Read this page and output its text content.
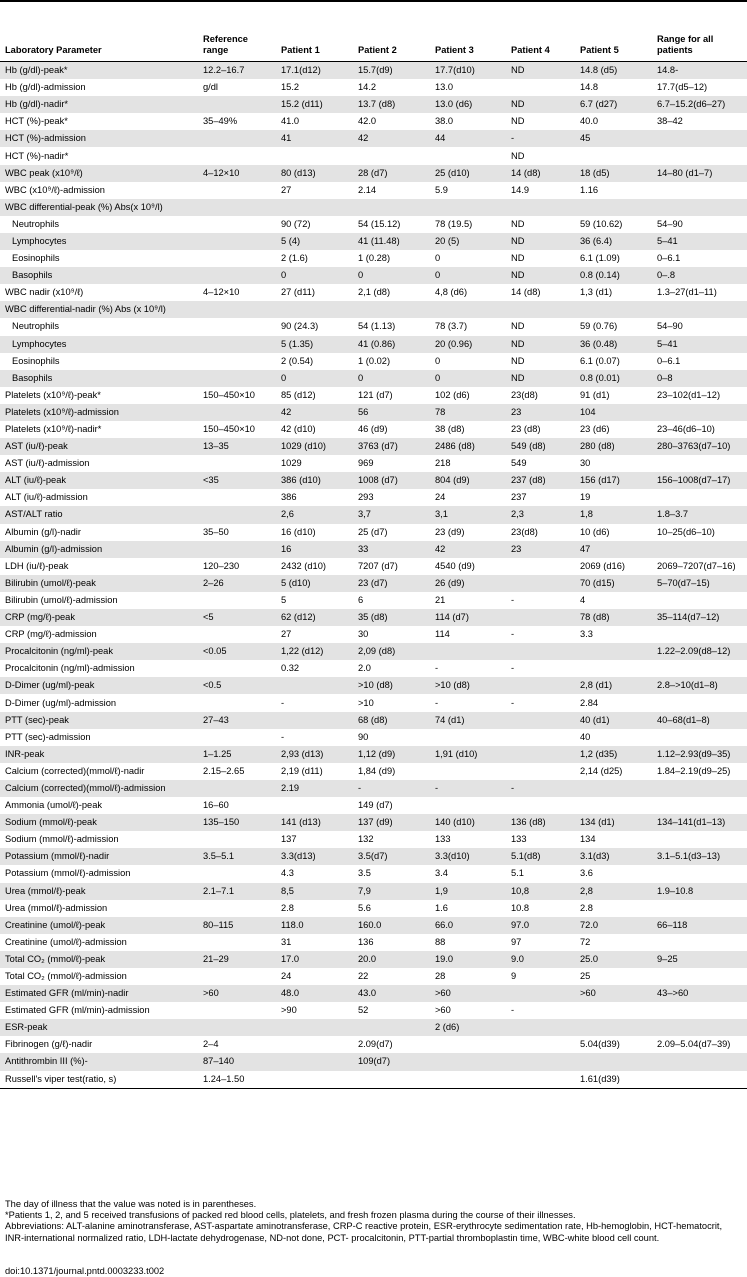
Laboratory Parameter	Reference range	Patient 1	Patient 2	Patient 3	Patient 4	Patient 5	Range for all patients
Hb (g/dl)-peak*	12.2–16.7	17.1(d12)	15.7(d9)	17.7(d10)	ND	14.8 (d5)	14.8-
Hb (g/dl)-admission	g/dl	15.2	14.2	13.0		14.8	17.7(d5–12)
Hb (g/dl)-nadir*		15.2 (d11)	13.7 (d8)	13.0 (d6)	ND	6.7 (d27)	6.7–15.2(d6–27)
HCT (%)-peak*	35–49%	41.0	42.0	38.0	ND	40.0	38–42
HCT (%)-admission		41	42	44	-	45	
HCT (%)-nadir*					ND		
WBC peak (x10⁹/ℓ)	4–12×10	80 (d13)	28 (d7)	25 (d10)	14 (d8)	18 (d5)	14–80 (d1–7)
WBC (x10⁹/ℓ)-admission		27	2.14	5.9	14.9	1.16	
WBC differential-peak (%) Abs(x 10⁹/l)							
Neutrophils		90 (72)	54 (15.12)	78 (19.5)	ND	59 (10.62)	54–90
Lymphocytes		5 (4)	41 (11.48)	20 (5)	ND	36 (6.4)	5–41
Eosinophils		2 (1.6)	1 (0.28)	0	ND	6.1 (1.09)	0–6.1
Basophils		0	0	0	ND	0.8 (0.14)	0–.8
WBC nadir (x10⁹/ℓ)	4–12×10	27 (d11)	2,1 (d8)	4,8 (d6)	14 (d8)	1,3 (d1)	1.3–27(d1–11)
WBC differential-nadir (%) Abs (x 10⁹/l)							
Neutrophils		90 (24.3)	54 (1.13)	78 (3.7)	ND	59 (0.76)	54–90
Lymphocytes		5 (1.35)	41 (0.86)	20 (0.96)	ND	36 (0.48)	5–41
Eosinophils		2 (0.54)	1 (0.02)	0	ND	6.1 (0.07)	0–6.1
Basophils		0	0	0	ND	0.8 (0.01)	0–8
Platelets (x10⁹/ℓ)-peak*	150–450×10	85 (d12)	121 (d7)	102 (d6)	23(d8)	91 (d1)	23–102(d1–12)
Platelets (x10⁹/ℓ)-admission		42	56	78	23	104	
Platelets (x10⁹/ℓ)-nadir*	150–450×10	42 (d10)	46 (d9)	38 (d8)	23 (d8)	23 (d6)	23–46(d6–10)
AST (iu/ℓ)-peak	13–35	1029 (d10)	3763 (d7)	2486 (d8)	549 (d8)	280 (d8)	280–3763(d7–10)
AST (iu/ℓ)-admission		1029	969	218	549	30	
ALT (iu/ℓ)-peak	<35	386 (d10)	1008 (d7)	804 (d9)	237 (d8)	156 (d17)	156–1008(d7–17)
ALT (iu/ℓ)-admission		386	293	24	237	19	
AST/ALT ratio		2,6	3,7	3,1	2,3	1,8	1.8–3.7
Albumin (g/l)-nadir	35–50	16 (d10)	25 (d7)	23 (d9)	23(d8)	10 (d6)	10–25(d6–10)
Albumin (g/l)-admission		16	33	42	23	47	
LDH (iu/ℓ)-peak	120–230	2432 (d10)	7207 (d7)	4540 (d9)		2069 (d16)	2069–7207(d7–16)
Bilirubin (umol/ℓ)-peak	2–26	5 (d10)	23 (d7)	26 (d9)		70 (d15)	5–70(d7–15)
Bilirubin (umol/ℓ)-admission		5	6	21	-	4	
CRP (mg/ℓ)-peak	<5	62 (d12)	35 (d8)	114 (d7)		78 (d8)	35–114(d7–12)
CRP (mg/ℓ)-admission		27	30	114	-	3.3	
Procalcitonin (ng/ml)-peak	<0.05	1,22 (d12)	2,09 (d8)				1.22–2.09(d8–12)
Procalcitonin (ng/ml)-admission		0.32	2.0	-	-		
D-Dimer (ug/ml)-peak	<0.5		>10 (d8)	>10 (d8)		2,8 (d1)	2.8–>10(d1–8)
D-Dimer (ug/ml)-admission		-	>10	-	-	2.84	
PTT (sec)-peak	27–43		68 (d8)	74 (d1)		40 (d1)	40–68(d1–8)
PTT (sec)-admission		-	90			40	
INR-peak	1–1.25	2,93 (d13)	1,12 (d9)	1,91 (d10)		1,2 (d35)	1.12–2.93(d9–35)
Calcium (corrected)(mmol/ℓ)-nadir	2.15–2.65	2,19 (d11)	1,84 (d9)			2,14 (d25)	1.84–2.19(d9–25)
Calcium (corrected)(mmol/ℓ)-admission		2.19	-	-	-		
Ammonia (umol/ℓ)-peak	16–60		149 (d7)				
Sodium (mmol/ℓ)-peak	135–150	141 (d13)	137 (d9)	140 (d10)	136 (d8)	134 (d1)	134–141(d1–13)
Sodium (mmol/ℓ)-admission		137	132	133	133	134	
Potassium (mmol/ℓ)-nadir	3.5–5.1	3.3(d13)	3.5(d7)	3.3(d10)	5.1(d8)	3.1(d3)	3.1–5.1(d3–13)
Potassium (mmol/ℓ)-admission		4.3	3.5	3.4	5.1	3.6	
Urea (mmol/ℓ)-peak	2.1–7.1	8,5	7,9	1,9	10,8	2,8	1.9–10.8
Urea (mmol/ℓ)-admission		2.8	5.6	1.6	10.8	2.8	
Creatinine (umol/ℓ)-peak	80–115	118.0	160.0	66.0	97.0	72.0	66–118
Creatinine (umol/ℓ)-admission		31	136	88	97	72	
Total CO₂ (mmol/ℓ)-peak	21–29	17.0	20.0	19.0	9.0	25.0	9–25
Total CO₂ (mmol/ℓ)-admission		24	22	28	9	25	
Estimated GFR (ml/min)-nadir	>60	48.0	43.0	>60		>60	43–>60
Estimated GFR (ml/min)-admission		>90	52	>60	-		
ESR-peak				2 (d6)			
Fibrinogen (g/ℓ)-nadir	2–4		2.09(d7)			5.04(d39)	2.09–5.04(d7–39)
Antithrombin III (%)-	87–140		109(d7)				
Russell's viper test(ratio, s)	1.24–1.50					1.61(d39)	

The day of illness that the value was noted is in parentheses.

*Patients 1, 2, and 5 received transfusions of packed red blood cells, platelets, and fresh frozen plasma during the course of their illnesses.

Abbreviations: ALT-alanine aminotransferase, AST-aspartate aminotransferase, CRP-C reactive protein, ESR-erythrocyte sedimentation rate, Hb-hemoglobin, HCT-hematocrit, INR-international normalized ratio, LDH-lactate dehydrogenase, ND-not done, PCT- procalcitonin, PTT-partial thromboplastin time, WBC-white blood cell count.

doi:10.1371/journal.pntd.0003233.t002
